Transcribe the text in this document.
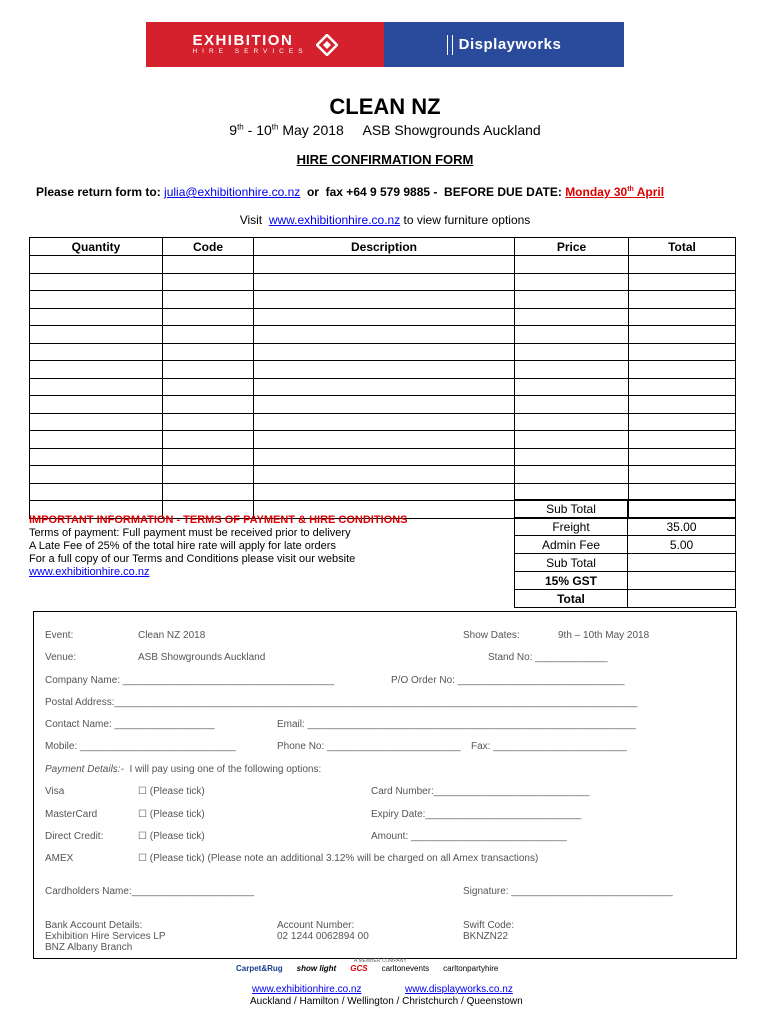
EXHIBITION
HIRE SERVICES	Displayworks
CLEAN NZ
9th - 10th May 2018     ASB Showgrounds Auckland
HIRE CONFIRMATION FORM
Please return form to: julia@exhibitionhire.co.nz  or  fax +64 9 579 9885 -  BEFORE DUE DATE: Monday 30th April
Visit  www.exhibitionhire.co.nz to view furniture options
Quantity	Code	Description	Price	Total

Sub Total	
Freight	35.00
Admin Fee	5.00
Sub Total	
15% GST	
Total	
IMPORTANT INFORMATION - TERMS OF PAYMENT & HIRE CONDITIONS
Terms of payment: Full payment must be received prior to delivery
A Late Fee of 25% of the total hire rate will apply for late orders
For a full copy of our Terms and Conditions please visit our website
www.exhibitionhire.co.nz
Event:	Clean NZ 2018	Show Dates:	9th – 10th May 2018
Venue:	ASB Showgrounds Auckland	Stand No: _____________
Company Name: ______________________________________	P/O Order No: ______________________________
Postal Address:______________________________________________________________________________________________
Contact Name: __________________	Email: ___________________________________________________________
Mobile: ____________________________	Phone No: ________________________ Fax: ________________________
Payment Details:-  I will pay using one of the following options:
Visa	☐ (Please tick)	Card Number:____________________________
MasterCard	☐ (Please tick)	Expiry Date:____________________________
Direct Credit:	☐ (Please tick)	Amount: ____________________________
AMEX	☐ (Please tick) (Please note an additional 3.12% will be charged on all Amex transactions)
Cardholders Name:______________________	Signature: _____________________________
Bank Account Details:
Exhibition Hire Services LP
BNZ Albany Branch
Account Number:
02 1244 0062894 00
Swift Code:
BKNZN22
A MEMBER COMPANY
Carpet&Rug show light GCS carltonevents carltonpartyhire
www.exhibitionhire.co.nz	www.displayworks.co.nz
Auckland / Hamilton / Wellington / Christchurch / Queenstown
